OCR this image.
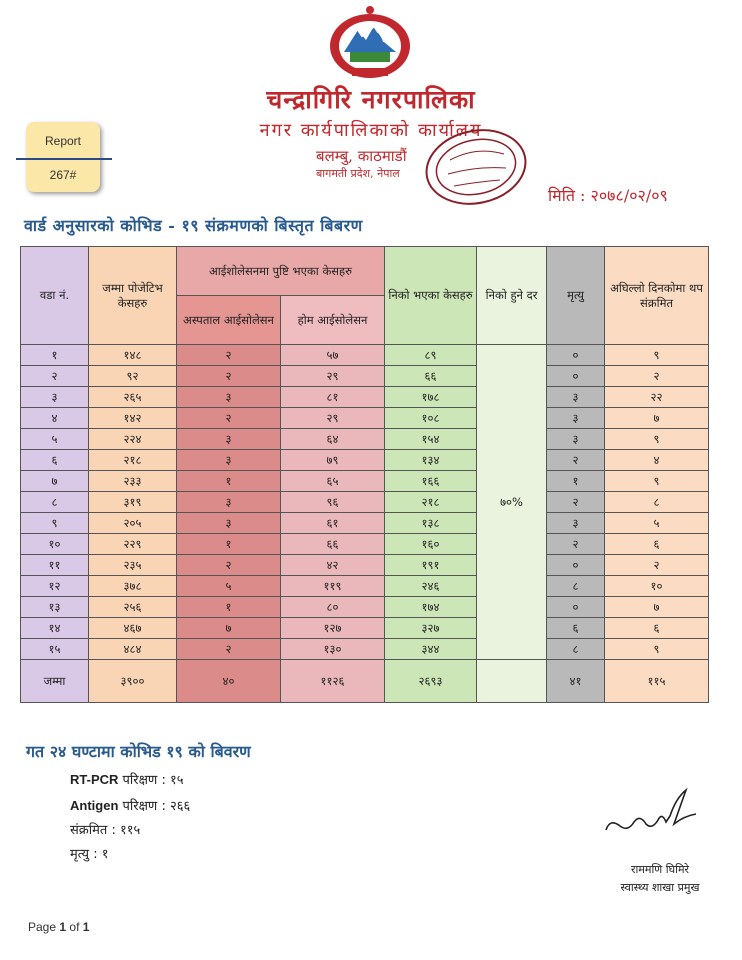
चन्द्रागिरि नगरपालिका
नगर कार्यपालिकाको कार्यालय
बलम्बु, काठमाडौं
बागमती प्रदेश, नेपाल
Report
267#
मिति : २०७८/०२/०९
वार्ड अनुसारको कोभिड - १९ संक्रमणको बिस्तृत बिबरण
वडा नं.	जम्मा पोजेटिभ केसहरु	आईशोलेसनमा पुष्टि भएका केसहरु		निको भएका केसहरु	निको हुने दर	मृत्यु	अघिल्लो दिनकोमा थप संक्रमित
		अस्पताल आईसोलेसन	होम आईसोलेसन				
१	१४८	२	५७	८९	७०%	०	९
२	९२	२	२९	६६		०	२
३	२६५	३	८१	१७८		३	२२
४	१४२	२	२९	१०८		३	७
५	२२४	३	६४	१५४		३	९
६	२१८	३	७९	१३४		२	४
७	२३३	१	६५	१६६		१	९
८	३१९	३	९६	२१८		२	८
९	२०५	३	६१	१३८		३	५
१०	२२९	१	६६	१६०		२	६
११	२३५	२	४२	१९१		०	२
१२	३७८	५	११९	२४६		८	१०
१३	२५६	१	८०	१७४		०	७
१४	४६७	७	१२७	३२७		६	६
१५	४८४	२	१३०	३४४		८	९
जम्मा	३९००	४०	११२६	२६९३		४१	११५
गत २४ घण्टामा कोभिड १९ को बिवरण
RT-PCR परिक्षण : १५
Antigen परिक्षण : २६६
संक्रमित : ११५
मृत्यु : १
राममणि घिमिरे
स्वास्थ्य शाखा प्रमुख
Page 1 of 1
